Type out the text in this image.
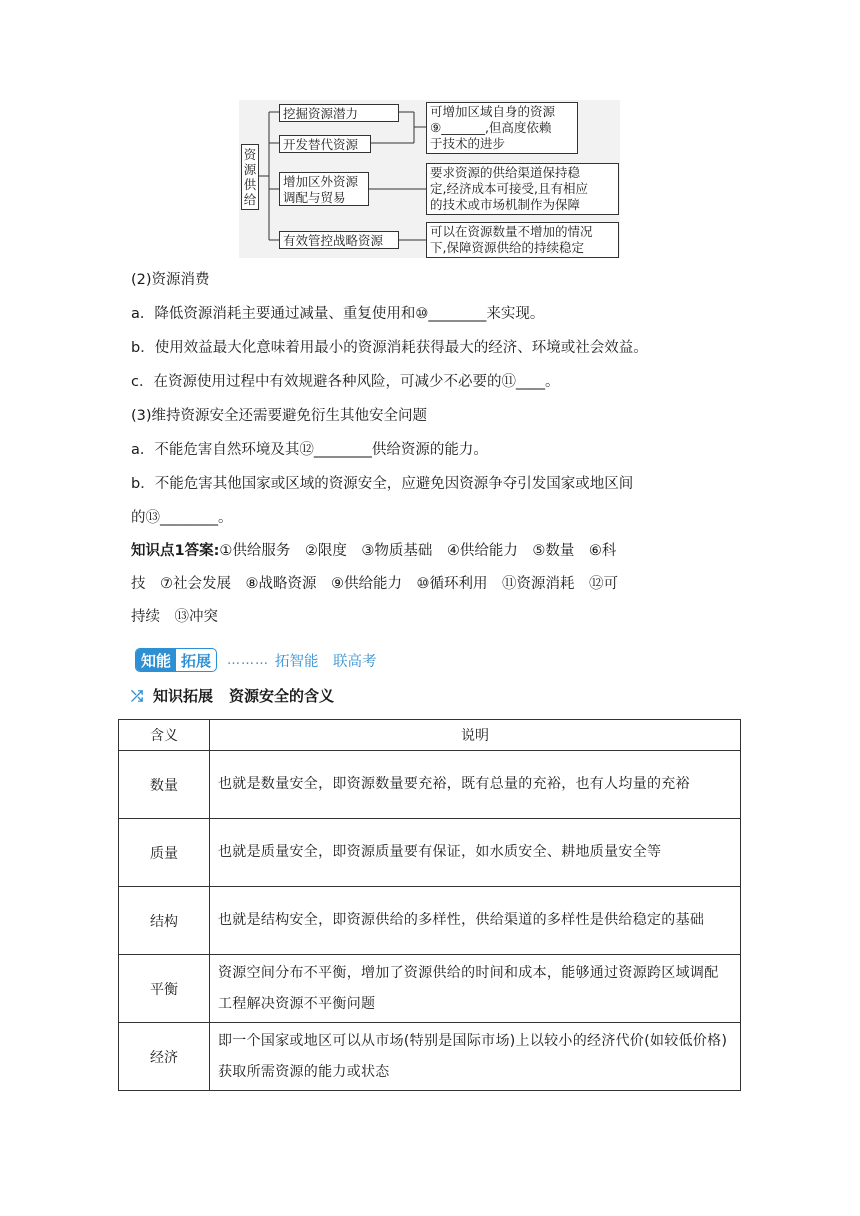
资
源
供
给
挖掘资源潜力
开发替代资源
增加区外资源
调配与贸易
有效管控战略资源
可增加区域自身的资源
⑨_______,但高度依赖
于技术的进步
要求资源的供给渠道保持稳
定,经济成本可接受,且有相应
的技术或市场机制作为保障
可以在资源数量不增加的情况
下,保障资源供给的持续稳定
(2)资源消费
a．降低资源消耗主要通过减量、重复使用和⑩________来实现。
b．使用效益最大化意味着用最小的资源消耗获得最大的经济、环境或社会效益。
c．在资源使用过程中有效规避各种风险，可减少不必要的⑪____。
(3)维持资源安全还需要避免衍生其他安全问题
a．不能危害自然环境及其⑫________供给资源的能力。
b．不能危害其他国家或区域的资源安全，应避免因资源争夺引发国家或地区间
的⑬________。
知识点1答案:①供给服务　②限度　③物质基础　④供给能力　⑤数量　⑥科
技　⑦社会发展　⑧战略资源　⑨供给能力　⑩循环利用　⑪资源消耗　⑫可
持续　⑬冲突
知能 拓展	……… 拓智能　联高考
⤮ 知识拓展 资源安全的含义
含义	说明
数量	也就是数量安全，即资源数量要充裕，既有总量的充裕，也有人均量的充裕
质量	也就是质量安全，即资源质量要有保证，如水质安全、耕地质量安全等
结构	也就是结构安全，即资源供给的多样性，供给渠道的多样性是供给稳定的基础
平衡	资源空间分布不平衡，增加了资源供给的时间和成本，能够通过资源跨区域调配工程解决资源不平衡问题
经济	即一个国家或地区可以从市场(特别是国际市场)上以较小的经济代价(如较低价格)获取所需资源的能力或状态
